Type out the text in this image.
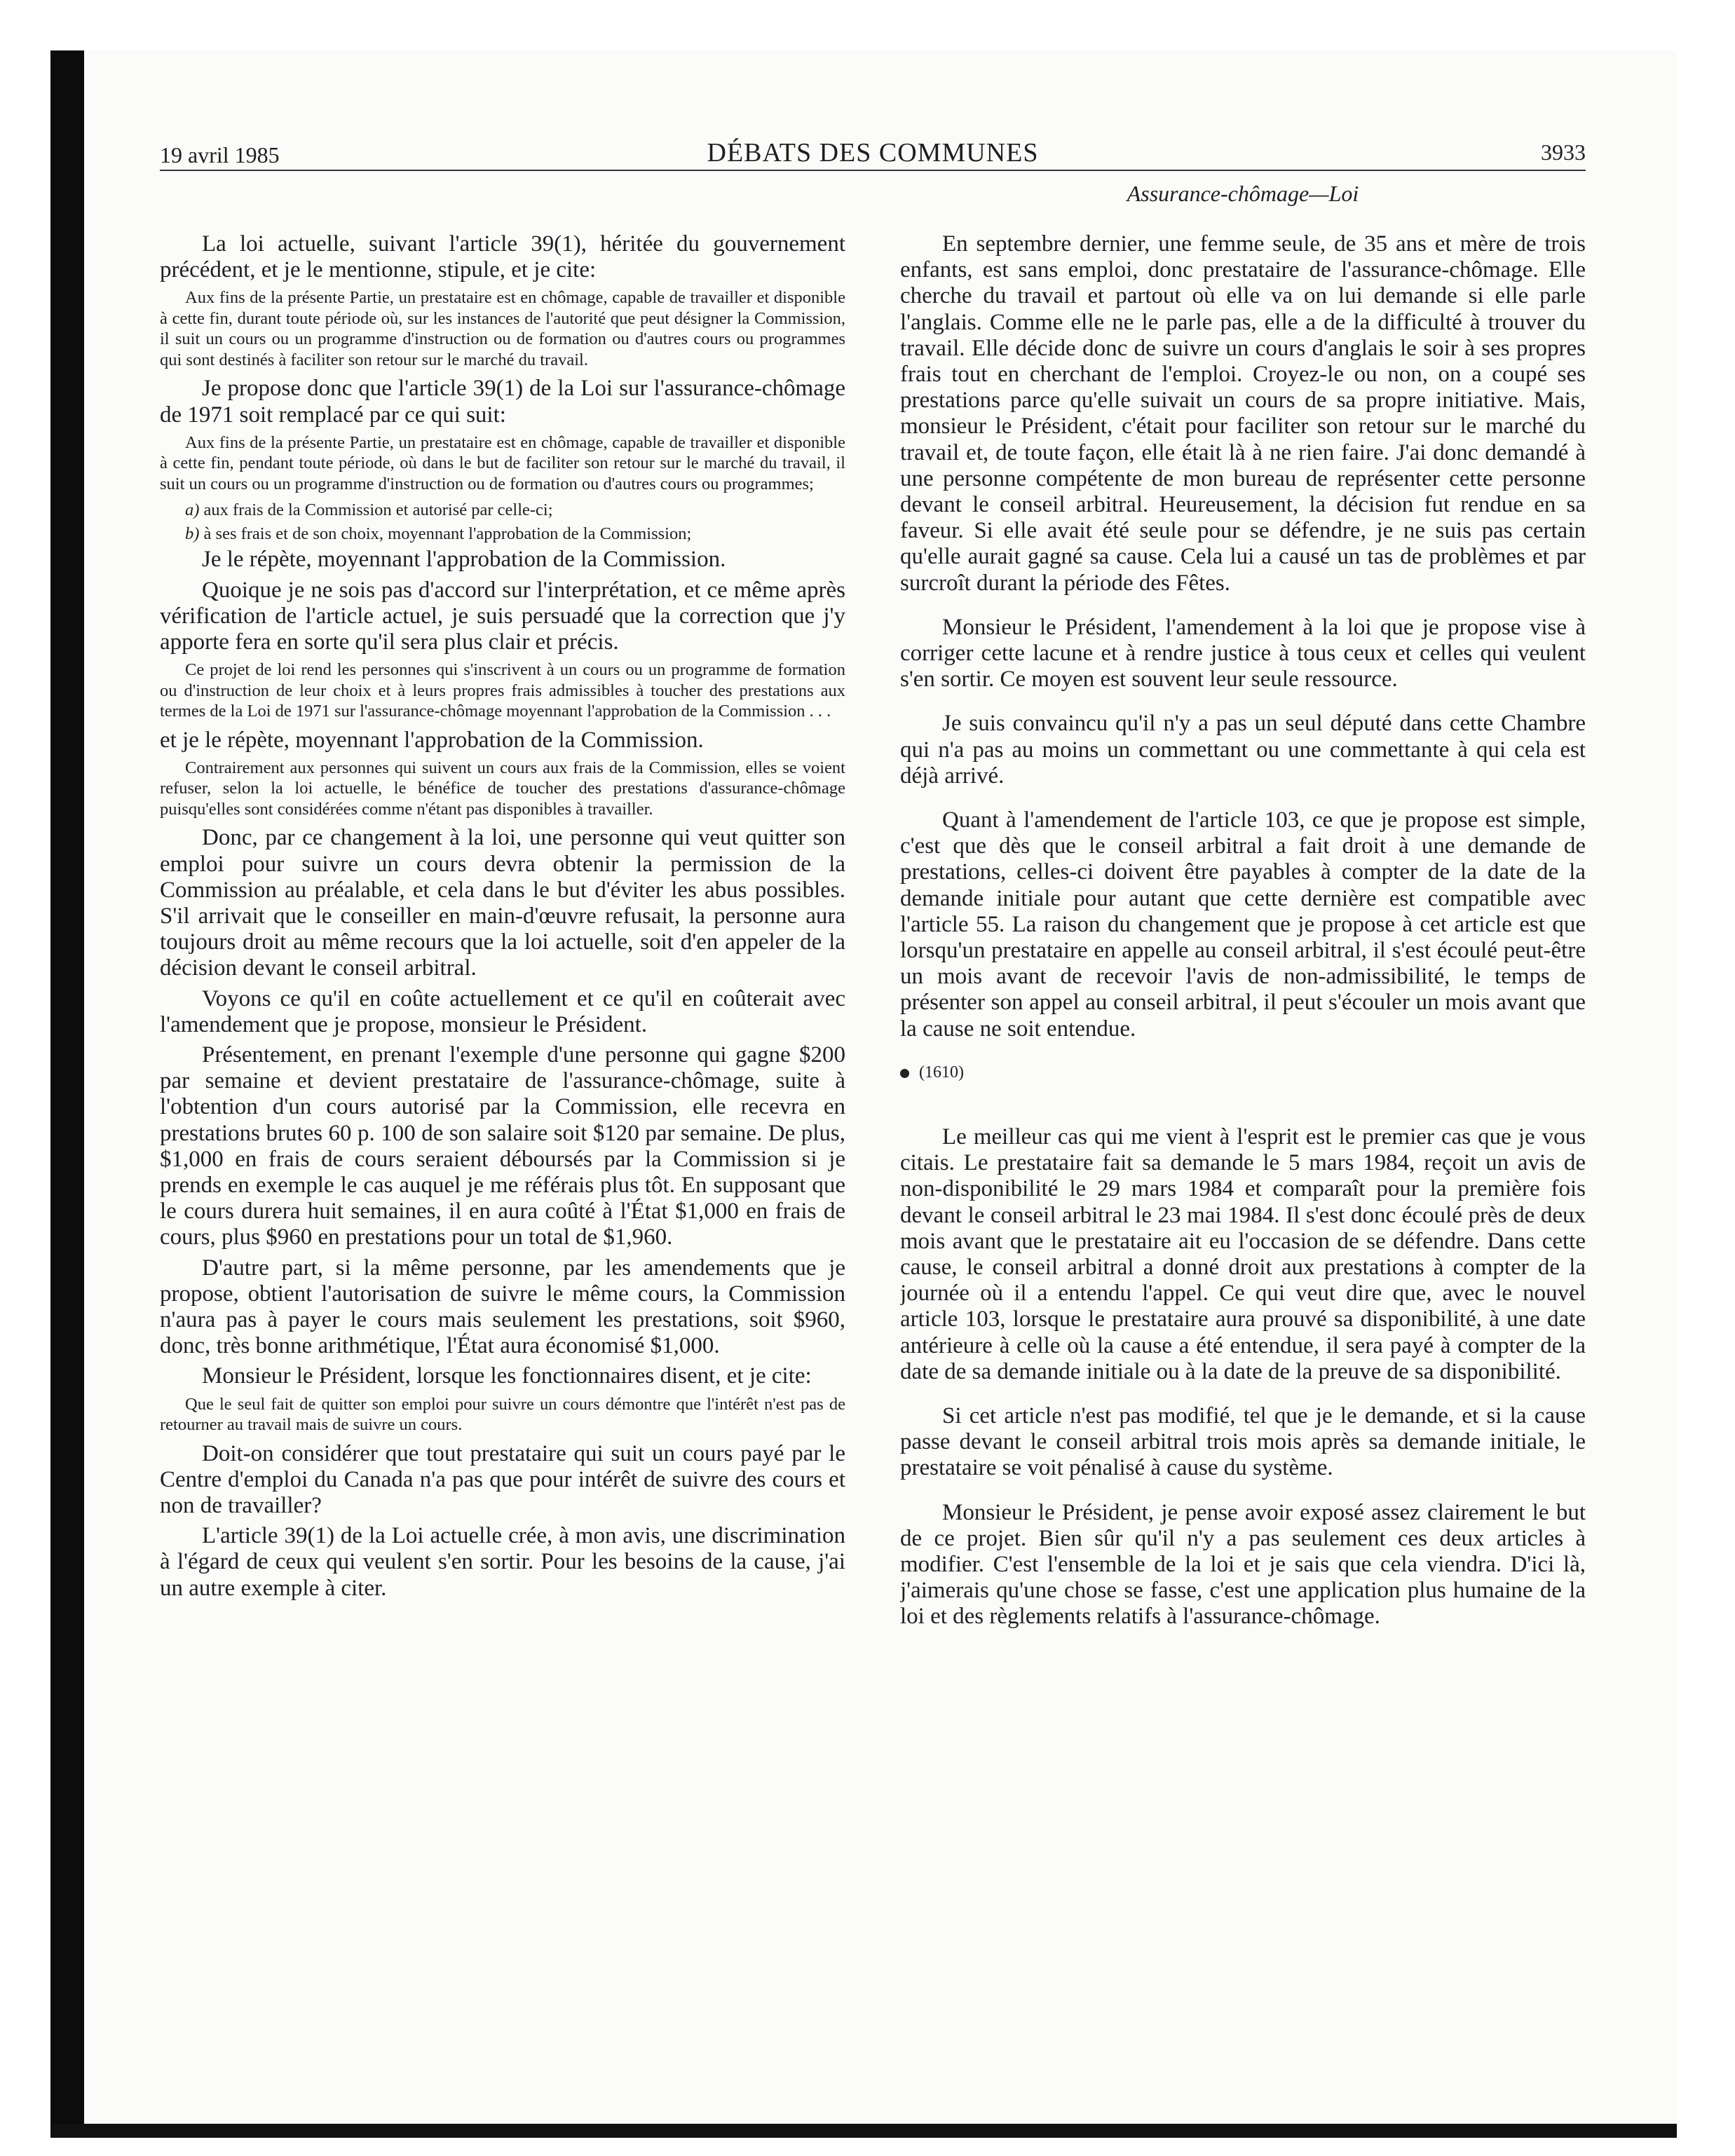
19 avril 1985	DÉBATS DES COMMUNES	3933
Assurance-chômage—Loi

La loi actuelle, suivant l'article 39(1), héritée du gouvernement précédent, et je le mentionne, stipule, et je cite:

Aux fins de la présente Partie, un prestataire est en chômage, capable de travailler et disponible à cette fin, durant toute période où, sur les instances de l'autorité que peut désigner la Commission, il suit un cours ou un programme d'instruction ou de formation ou d'autres cours ou programmes qui sont destinés à faciliter son retour sur le marché du travail.

Je propose donc que l'article 39(1) de la Loi sur l'assurance-chômage de 1971 soit remplacé par ce qui suit:

Aux fins de la présente Partie, un prestataire est en chômage, capable de travailler et disponible à cette fin, pendant toute période, où dans le but de faciliter son retour sur le marché du travail, il suit un cours ou un programme d'instruction ou de formation ou d'autres cours ou programmes;

a) aux frais de la Commission et autorisé par celle-ci;

b) à ses frais et de son choix, moyennant l'approbation de la Commission;

Je le répète, moyennant l'approbation de la Commission.

Quoique je ne sois pas d'accord sur l'interprétation, et ce même après vérification de l'article actuel, je suis persuadé que la correction que j'y apporte fera en sorte qu'il sera plus clair et précis.

Ce projet de loi rend les personnes qui s'inscrivent à un cours ou un programme de formation ou d'instruction de leur choix et à leurs propres frais admissibles à toucher des prestations aux termes de la Loi de 1971 sur l'assurance-chômage moyennant l'approbation de la Commission . . .

et je le répète, moyennant l'approbation de la Commission.

Contrairement aux personnes qui suivent un cours aux frais de la Commission, elles se voient refuser, selon la loi actuelle, le bénéfice de toucher des prestations d'assurance-chômage puisqu'elles sont considérées comme n'étant pas disponibles à travailler.

Donc, par ce changement à la loi, une personne qui veut quitter son emploi pour suivre un cours devra obtenir la permission de la Commission au préalable, et cela dans le but d'éviter les abus possibles. S'il arrivait que le conseiller en main-d'œuvre refusait, la personne aura toujours droit au même recours que la loi actuelle, soit d'en appeler de la décision devant le conseil arbitral.

Voyons ce qu'il en coûte actuellement et ce qu'il en coûterait avec l'amendement que je propose, monsieur le Président.

Présentement, en prenant l'exemple d'une personne qui gagne $200 par semaine et devient prestataire de l'assurance-chômage, suite à l'obtention d'un cours autorisé par la Commission, elle recevra en prestations brutes 60 p. 100 de son salaire soit $120 par semaine. De plus, $1,000 en frais de cours seraient déboursés par la Commission si je prends en exemple le cas auquel je me référais plus tôt. En supposant que le cours durera huit semaines, il en aura coûté à l'État $1,000 en frais de cours, plus $960 en prestations pour un total de $1,960.

D'autre part, si la même personne, par les amendements que je propose, obtient l'autorisation de suivre le même cours, la Commission n'aura pas à payer le cours mais seulement les prestations, soit $960, donc, très bonne arithmétique, l'État aura économisé $1,000.

Monsieur le Président, lorsque les fonctionnaires disent, et je cite:

Que le seul fait de quitter son emploi pour suivre un cours démontre que l'intérêt n'est pas de retourner au travail mais de suivre un cours.

Doit-on considérer que tout prestataire qui suit un cours payé par le Centre d'emploi du Canada n'a pas que pour intérêt de suivre des cours et non de travailler?

L'article 39(1) de la Loi actuelle crée, à mon avis, une discrimination à l'égard de ceux qui veulent s'en sortir. Pour les besoins de la cause, j'ai un autre exemple à citer.

En septembre dernier, une femme seule, de 35 ans et mère de trois enfants, est sans emploi, donc prestataire de l'assurance-chômage. Elle cherche du travail et partout où elle va on lui demande si elle parle l'anglais. Comme elle ne le parle pas, elle a de la difficulté à trouver du travail. Elle décide donc de suivre un cours d'anglais le soir à ses propres frais tout en cherchant de l'emploi. Croyez-le ou non, on a coupé ses prestations parce qu'elle suivait un cours de sa propre initiative. Mais, monsieur le Président, c'était pour faciliter son retour sur le marché du travail et, de toute façon, elle était là à ne rien faire. J'ai donc demandé à une personne compétente de mon bureau de représenter cette personne devant le conseil arbitral. Heureusement, la décision fut rendue en sa faveur. Si elle avait été seule pour se défendre, je ne suis pas certain qu'elle aurait gagné sa cause. Cela lui a causé un tas de problèmes et par surcroît durant la période des Fêtes.

Monsieur le Président, l'amendement à la loi que je propose vise à corriger cette lacune et à rendre justice à tous ceux et celles qui veulent s'en sortir. Ce moyen est souvent leur seule ressource.

Je suis convaincu qu'il n'y a pas un seul député dans cette Chambre qui n'a pas au moins un commettant ou une commettante à qui cela est déjà arrivé.

Quant à l'amendement de l'article 103, ce que je propose est simple, c'est que dès que le conseil arbitral a fait droit à une demande de prestations, celles-ci doivent être payables à compter de la date de la demande initiale pour autant que cette dernière est compatible avec l'article 55. La raison du changement que je propose à cet article est que lorsqu'un prestataire en appelle au conseil arbitral, il s'est écoulé peut-être un mois avant de recevoir l'avis de non-admissibilité, le temps de présenter son appel au conseil arbitral, il peut s'écouler un mois avant que la cause ne soit entendue.

(1610)

Le meilleur cas qui me vient à l'esprit est le premier cas que je vous citais. Le prestataire fait sa demande le 5 mars 1984, reçoit un avis de non-disponibilité le 29 mars 1984 et comparaît pour la première fois devant le conseil arbitral le 23 mai 1984. Il s'est donc écoulé près de deux mois avant que le prestataire ait eu l'occasion de se défendre. Dans cette cause, le conseil arbitral a donné droit aux prestations à compter de la journée où il a entendu l'appel. Ce qui veut dire que, avec le nouvel article 103, lorsque le prestataire aura prouvé sa disponibilité, à une date antérieure à celle où la cause a été entendue, il sera payé à compter de la date de sa demande initiale ou à la date de la preuve de sa disponibilité.

Si cet article n'est pas modifié, tel que je le demande, et si la cause passe devant le conseil arbitral trois mois après sa demande initiale, le prestataire se voit pénalisé à cause du système.

Monsieur le Président, je pense avoir exposé assez clairement le but de ce projet. Bien sûr qu'il n'y a pas seulement ces deux articles à modifier. C'est l'ensemble de la loi et je sais que cela viendra. D'ici là, j'aimerais qu'une chose se fasse, c'est une application plus humaine de la loi et des règlements relatifs à l'assurance-chômage.
